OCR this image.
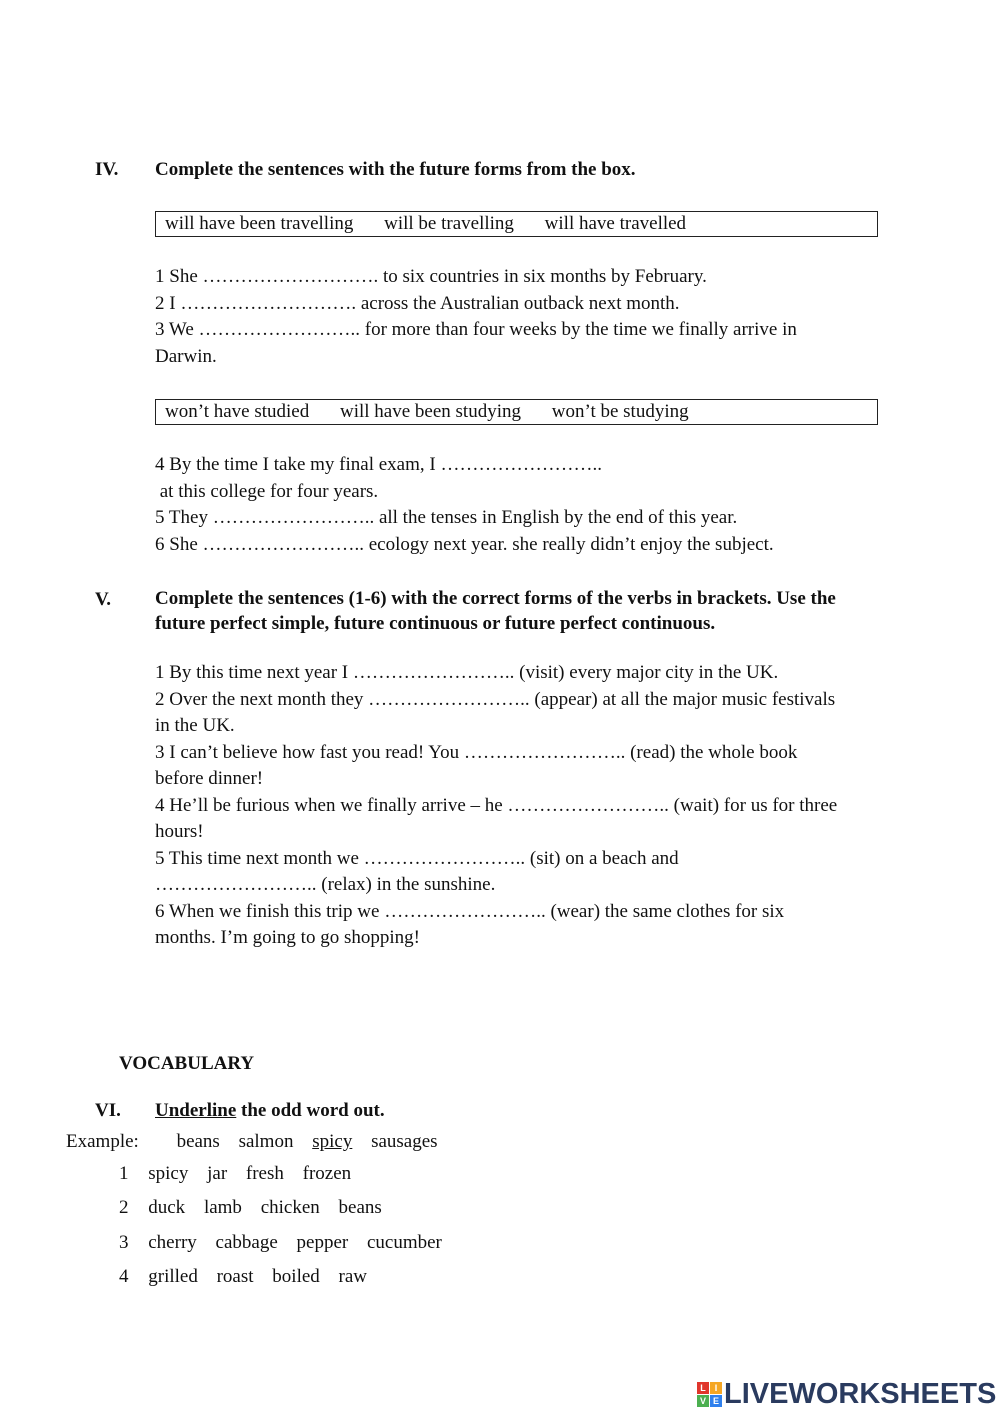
IV. Complete the sentences with the future forms from the box.
will have been travelling will be travelling will have travelled
1 She ………………………. to six countries in six months by February.
2 I ………………………. across the Australian outback next month.
3 We …………………….. for more than four weeks by the time we finally arrive in
Darwin.
won’t have studied will have been studying won’t be studying
4 By the time I take my final exam, I ……………………..
at this college for four years.
5 They …………………….. all the tenses in English by the end of this year.
6 She …………………….. ecology next year. she really didn’t enjoy the subject.
V. Complete the sentences (1-6) with the correct forms of the verbs in brackets. Use the
future perfect simple, future continuous or future perfect continuous.
1 By this time next year I …………………….. (visit) every major city in the UK.
2 Over the next month they …………………….. (appear) at all the major music festivals
in the UK.
3 I can’t believe how fast you read! You …………………….. (read) the whole book
before dinner!
4 He’ll be furious when we finally arrive – he …………………….. (wait) for us for three
hours!
5 This time next month we …………………….. (sit) on a beach and
…………………….. (relax) in the sunshine.
6 When we finish this trip we …………………….. (wear) the same clothes for six
months. I’m going to go shopping!
VOCABULARY
VI. Underline the odd word out.
Example: beans salmon spicy sausages
1 spicy jar fresh frozen
2 duck lamb chicken beans
3 cherry cabbage pepper cucumber
4 grilled roast boiled raw
L I
V E LIVEWORKSHEETS
